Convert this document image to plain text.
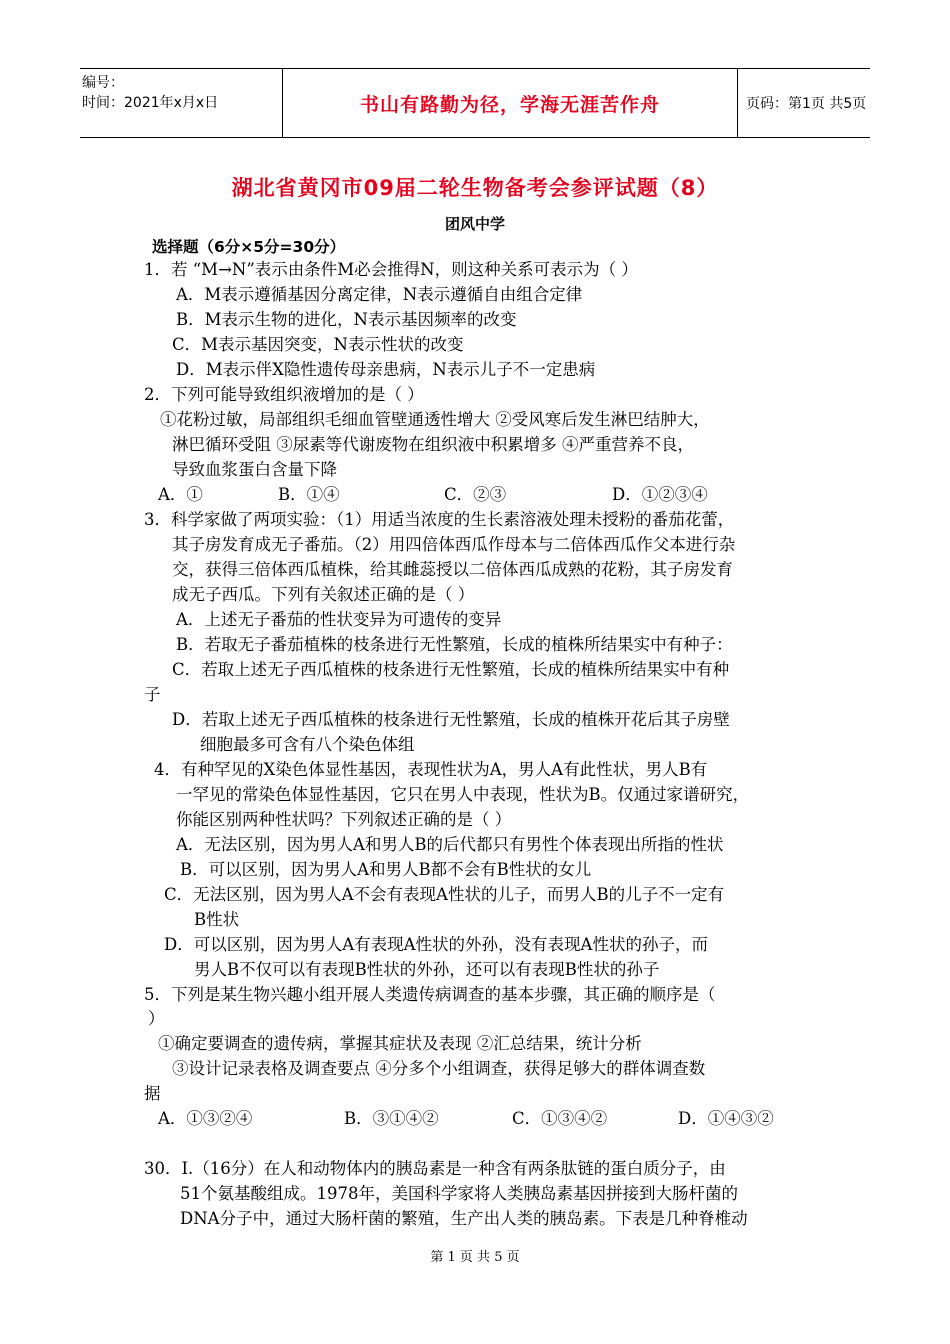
编号：
时间：2021年x月x日	书山有路勤为径，学海无涯苦作舟	页码：第1页 共5页
湖北省黄冈市09届二轮生物备考会参评试题（8）
团风中学
选择题（6分×5分=30分）
1．若 “M→N”表示由条件M必会推得N，则这种关系可表示为（ ）
A．M表示遵循基因分离定律，N表示遵循自由组合定律
B．M表示生物的进化，N表示基因频率的改变
C．M表示基因突变，N表示性状的改变
D．M表示伴X隐性遗传母亲患病，N表示儿子不一定患病
2．下列可能导致组织液增加的是（ ）
①花粉过敏，局部组织毛细血管壁通透性增大 ②受风寒后发生淋巴结肿大，
淋巴循环受阻 ③尿素等代谢废物在组织液中积累增多 ④严重营养不良，
导致血浆蛋白含量下降
A．①	B．①④	C．②③	D．①②③④
3．科学家做了两项实验：（1）用适当浓度的生长素溶液处理未授粉的番茄花蕾，
其子房发育成无子番茄。（2）用四倍体西瓜作母本与二倍体西瓜作父本进行杂
交，获得三倍体西瓜植株，给其雌蕊授以二倍体西瓜成熟的花粉，其子房发育
成无子西瓜。下列有关叙述正确的是（ ）
A．上述无子番茄的性状变异为可遗传的变异
B．若取无子番茄植株的枝条进行无性繁殖，长成的植株所结果实中有种子：
C．若取上述无子西瓜植株的枝条进行无性繁殖，长成的植株所结果实中有种
子
D．若取上述无子西瓜植株的枝条进行无性繁殖，长成的植株开花后其子房壁
细胞最多可含有八个染色体组
4．有种罕见的X染色体显性基因，表现性状为A，男人A有此性状，男人B有
一罕见的常染色体显性基因，它只在男人中表现，性状为B。仅通过家谱研究，
你能区别两种性状吗？下列叙述正确的是（ ）
A．无法区别，因为男人A和男人B的后代都只有男性个体表现出所指的性状
B．可以区别，因为男人A和男人B都不会有B性状的女儿
C．无法区别，因为男人A不会有表现A性状的儿子，而男人B的儿子不一定有
B性状
D．可以区别，因为男人A有表现A性状的外孙，没有表现A性状的孙子，而
男人B不仅可以有表现B性状的外孙，还可以有表现B性状的孙子
5．下列是某生物兴趣小组开展人类遗传病调查的基本步骤，其正确的顺序是（
）
①确定要调查的遗传病，掌握其症状及表现 ②汇总结果，统计分析
③设计记录表格及调查要点 ④分多个小组调查，获得足够大的群体调查数
据
A．①③②④	B．③①④②	C．①③④②	D．①④③②
30．Ⅰ.（16分）在人和动物体内的胰岛素是一种含有两条肽链的蛋白质分子，由
51个氨基酸组成。1978年，美国科学家将人类胰岛素基因拼接到大肠杆菌的
DNA分子中，通过大肠杆菌的繁殖，生产出人类的胰岛素。下表是几种脊椎动
第 1 页 共 5 页
